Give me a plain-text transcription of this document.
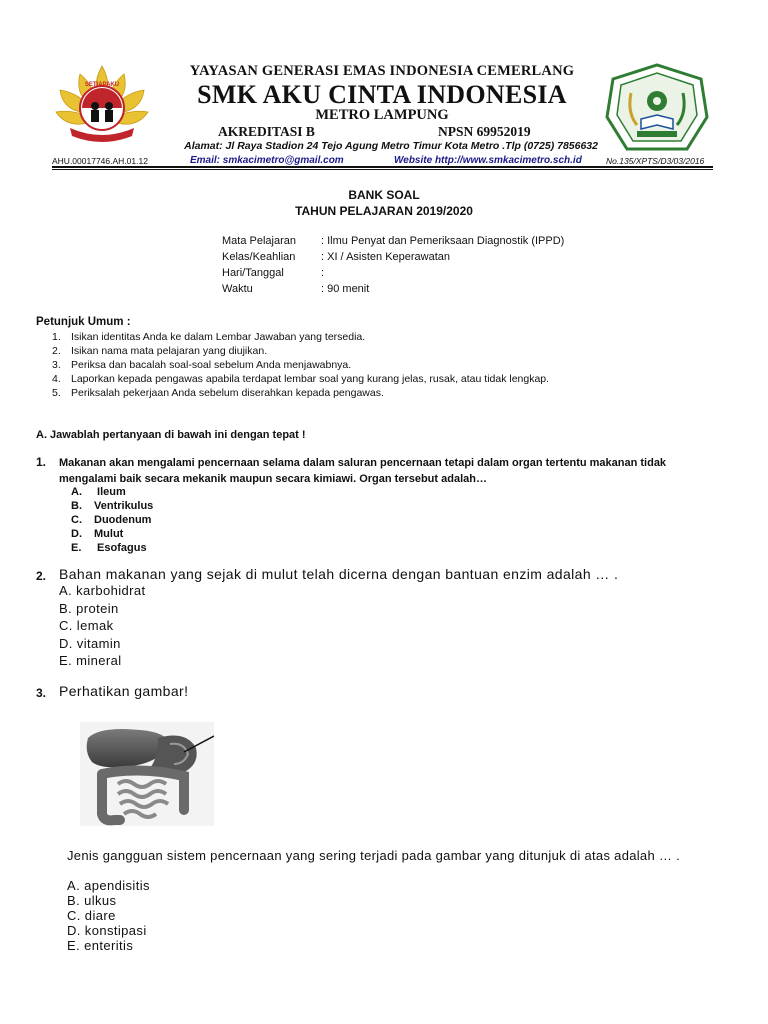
SETIAPAKU
YAYASAN GENERASI EMAS INDONESIA CEMERLANG
SMK AKU CINTA INDONESIA
METRO LAMPUNG
AKREDITASI B	NPSN 69952019
Alamat: Jl Raya Stadion 24 Tejo Agung Metro Timur Kota Metro .Tlp (0725) 7856632
AHU.00017746.AH.01.12	Email: smkacimetro@gmail.com	Website http://www.smkacimetro.sch.id	No.135/XPTS/D3/03/2016
BANK SOAL
TAHUN PELAJARAN 2019/2020
Mata Pelajaran : Ilmu Penyat dan Pemeriksaan Diagnostik (IPPD)
Kelas/Keahlian : XI / Asisten Keperawatan
Hari/Tanggal	:
Waktu	: 90 menit
Petunjuk Umum :
1. Isikan identitas Anda ke dalam Lembar Jawaban yang tersedia.
2. Isikan nama mata pelajaran yang diujikan.
3. Periksa dan bacalah soal-soal sebelum Anda menjawabnya.
4. Laporkan kepada pengawas apabila terdapat lembar soal yang kurang jelas, rusak, atau tidak lengkap.
5. Periksalah pekerjaan Anda sebelum diserahkan kepada pengawas.
A. Jawablah pertanyaan di bawah ini dengan tepat !
1. Makanan akan mengalami pencernaan selama dalam saluran pencernaan tetapi dalam organ tertentu makanan tidak mengalami baik secara mekanik maupun secara kimiawi. Organ tersebut adalah…
A. Ileum
B. Ventrikulus
C. Duodenum
D. Mulut
E. Esofagus
2. Bahan makanan yang sejak di mulut telah dicerna dengan bantuan enzim adalah … .
A. karbohidrat
B. protein
C. lemak
D. vitamin
E. mineral
3. Perhatikan gambar!
Jenis gangguan sistem pencernaan yang sering terjadi pada gambar yang ditunjuk di atas adalah … .
A. apendisitis
B. ulkus
C. diare
D. konstipasi
E. enteritis
